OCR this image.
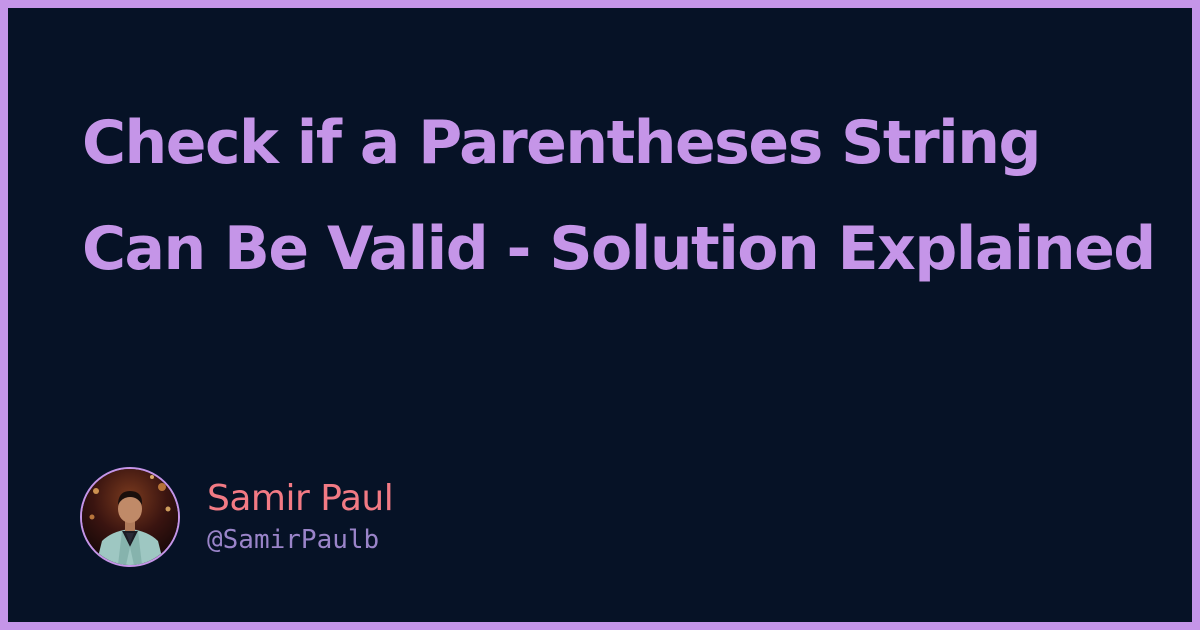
Check if a Parentheses String Can Be Valid - Solution Explained
Samir Paul
@SamirPaulb
